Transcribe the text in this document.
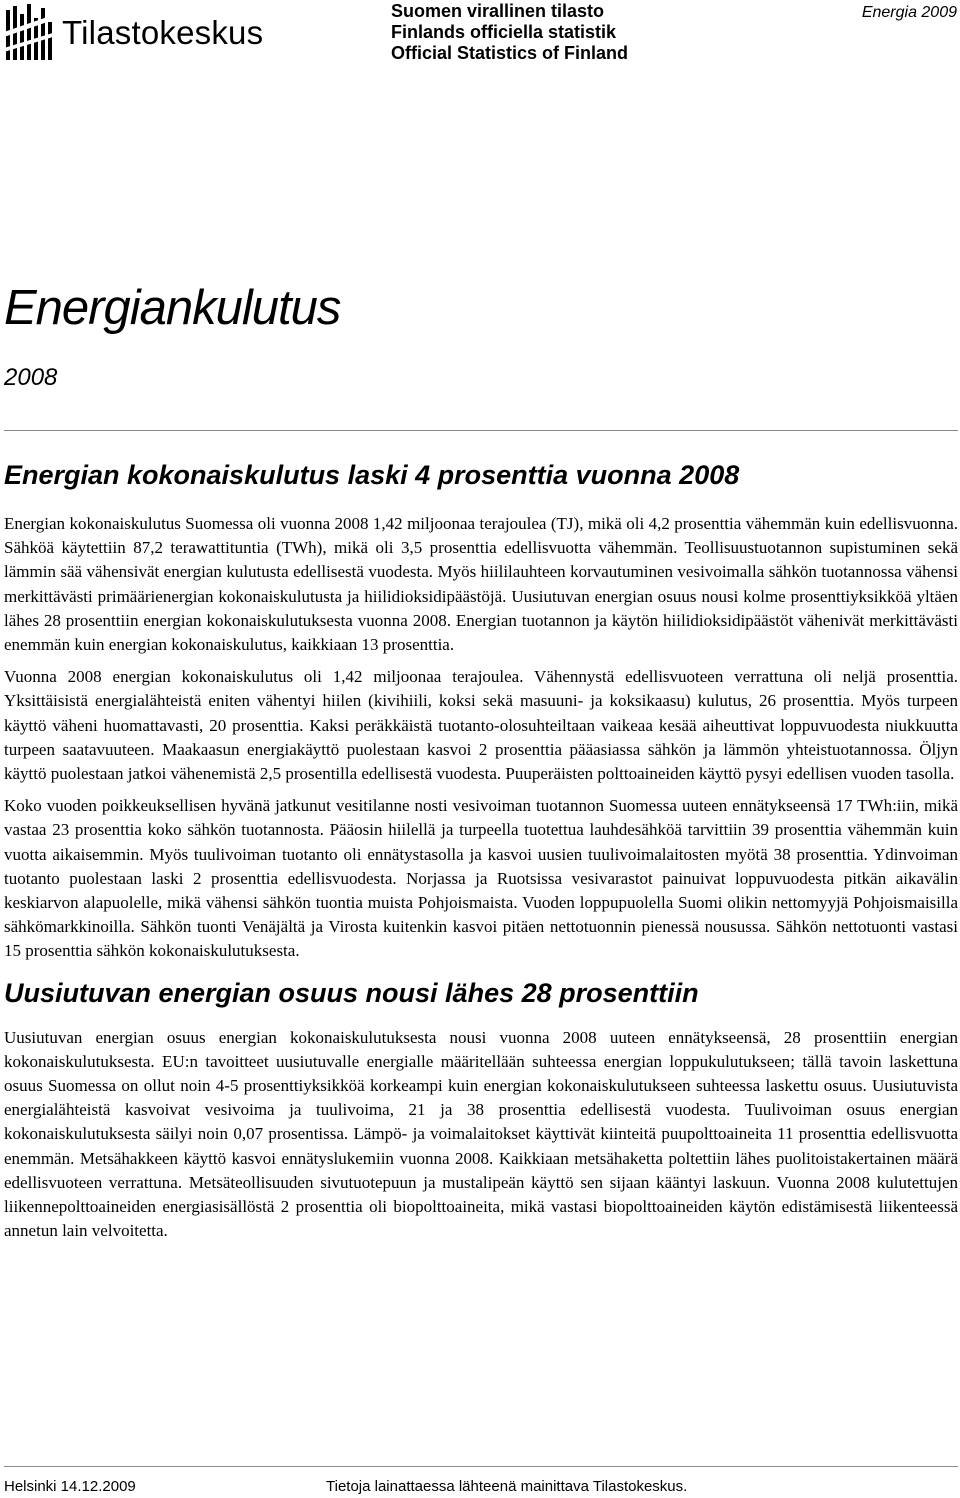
Tilastokeskus
Suomen virallinen tilasto
Finlands officiella statistik
Official Statistics of Finland
Energia 2009
Energiankulutus
2008
Energian kokonaiskulutus laski 4 prosenttia vuonna 2008

Energian kokonaiskulutus Suomessa oli vuonna 2008 1,42 miljoonaa terajoulea (TJ), mikä oli 4,2 prosenttia vähemmän kuin edellisvuonna. Sähköä käytettiin 87,2 terawattituntia (TWh), mikä oli 3,5 prosenttia edellisvuotta vähemmän. Teollisuustuotannon supistuminen sekä lämmin sää vähensivät energian kulutusta edellisestä vuodesta. Myös hiililauhteen korvautuminen vesivoimalla sähkön tuotannossa vähensi merkittävästi primäärienergian kokonaiskulutusta ja hiilidioksidipäästöjä. Uusiutuvan energian osuus nousi kolme prosenttiyksikköä yltäen lähes 28 prosenttiin energian kokonaiskulutuksesta vuonna 2008. Energian tuotannon ja käytön hiilidioksidipäästöt vähenivät merkittävästi enemmän kuin energian kokonaiskulutus, kaikkiaan 13 prosenttia.

Vuonna 2008 energian kokonaiskulutus oli 1,42 miljoonaa terajoulea. Vähennystä edellisvuoteen verrattuna oli neljä prosenttia. Yksittäisistä energialähteistä eniten vähentyi hiilen (kivihiili, koksi sekä masuuni- ja koksikaasu) kulutus, 26 prosenttia. Myös turpeen käyttö väheni huomattavasti, 20 prosenttia. Kaksi peräkkäistä tuotanto-olosuhteiltaan vaikeaa kesää aiheuttivat loppuvuodesta niukkuutta turpeen saatavuuteen. Maakaasun energiakäyttö puolestaan kasvoi 2 prosenttia pääasiassa sähkön ja lämmön yhteistuotannossa. Öljyn käyttö puolestaan jatkoi vähenemistä 2,5 prosentilla edellisestä vuodesta. Puuperäisten polttoaineiden käyttö pysyi edellisen vuoden tasolla.

Koko vuoden poikkeuksellisen hyvänä jatkunut vesitilanne nosti vesivoiman tuotannon Suomessa uuteen ennätykseensä 17 TWh:iin, mikä vastaa 23 prosenttia koko sähkön tuotannosta. Pääosin hiilellä ja turpeella tuotettua lauhdesähköä tarvittiin 39 prosenttia vähemmän kuin vuotta aikaisemmin. Myös tuulivoiman tuotanto oli ennätystasolla ja kasvoi uusien tuulivoimalaitosten myötä 38 prosenttia. Ydinvoiman tuotanto puolestaan laski 2 prosenttia edellisvuodesta. Norjassa ja Ruotsissa vesivarastot painuivat loppuvuodesta pitkän aikavälin keskiarvon alapuolelle, mikä vähensi sähkön tuontia muista Pohjoismaista. Vuoden loppupuolella Suomi olikin nettomyyjä Pohjoismaisilla sähkömarkkinoilla. Sähkön tuonti Venäjältä ja Virosta kuitenkin kasvoi pitäen nettotuonnin pienessä nousussa. Sähkön nettotuonti vastasi 15 prosenttia sähkön kokonaiskulutuksesta.

Uusiutuvan energian osuus nousi lähes 28 prosenttiin

Uusiutuvan energian osuus energian kokonaiskulutuksesta nousi vuonna 2008 uuteen ennätykseensä, 28 prosenttiin energian kokonaiskulutuksesta. EU:n tavoitteet uusiutuvalle energialle määritellään suhteessa energian loppukulutukseen; tällä tavoin laskettuna osuus Suomessa on ollut noin 4-5 prosenttiyksikköä korkeampi kuin energian kokonaiskulutukseen suhteessa laskettu osuus. Uusiutuvista energialähteistä kasvoivat vesivoima ja tuulivoima, 21 ja 38 prosenttia edellisestä vuodesta. Tuulivoiman osuus energian kokonaiskulutuksesta säilyi noin 0,07 prosentissa. Lämpö- ja voimalaitokset käyttivät kiinteitä puupolttoaineita 11 prosenttia edellisvuotta enemmän. Metsähakkeen käyttö kasvoi ennätyslukemiin vuonna 2008. Kaikkiaan metsähaketta poltettiin lähes puolitoistakertainen määrä edellisvuoteen verrattuna. Metsäteollisuuden sivutuotepuun ja mustalipeän käyttö sen sijaan kääntyi laskuun. Vuonna 2008 kulutettujen liikennepolttoaineiden energiasisällöstä 2 prosenttia oli biopolttoaineita, mikä vastasi biopolttoaineiden käytön edistämisestä liikenteessä annetun lain velvoitetta.

Helsinki 14.12.2009	Tietoja lainattaessa lähteenä mainittava Tilastokeskus.
